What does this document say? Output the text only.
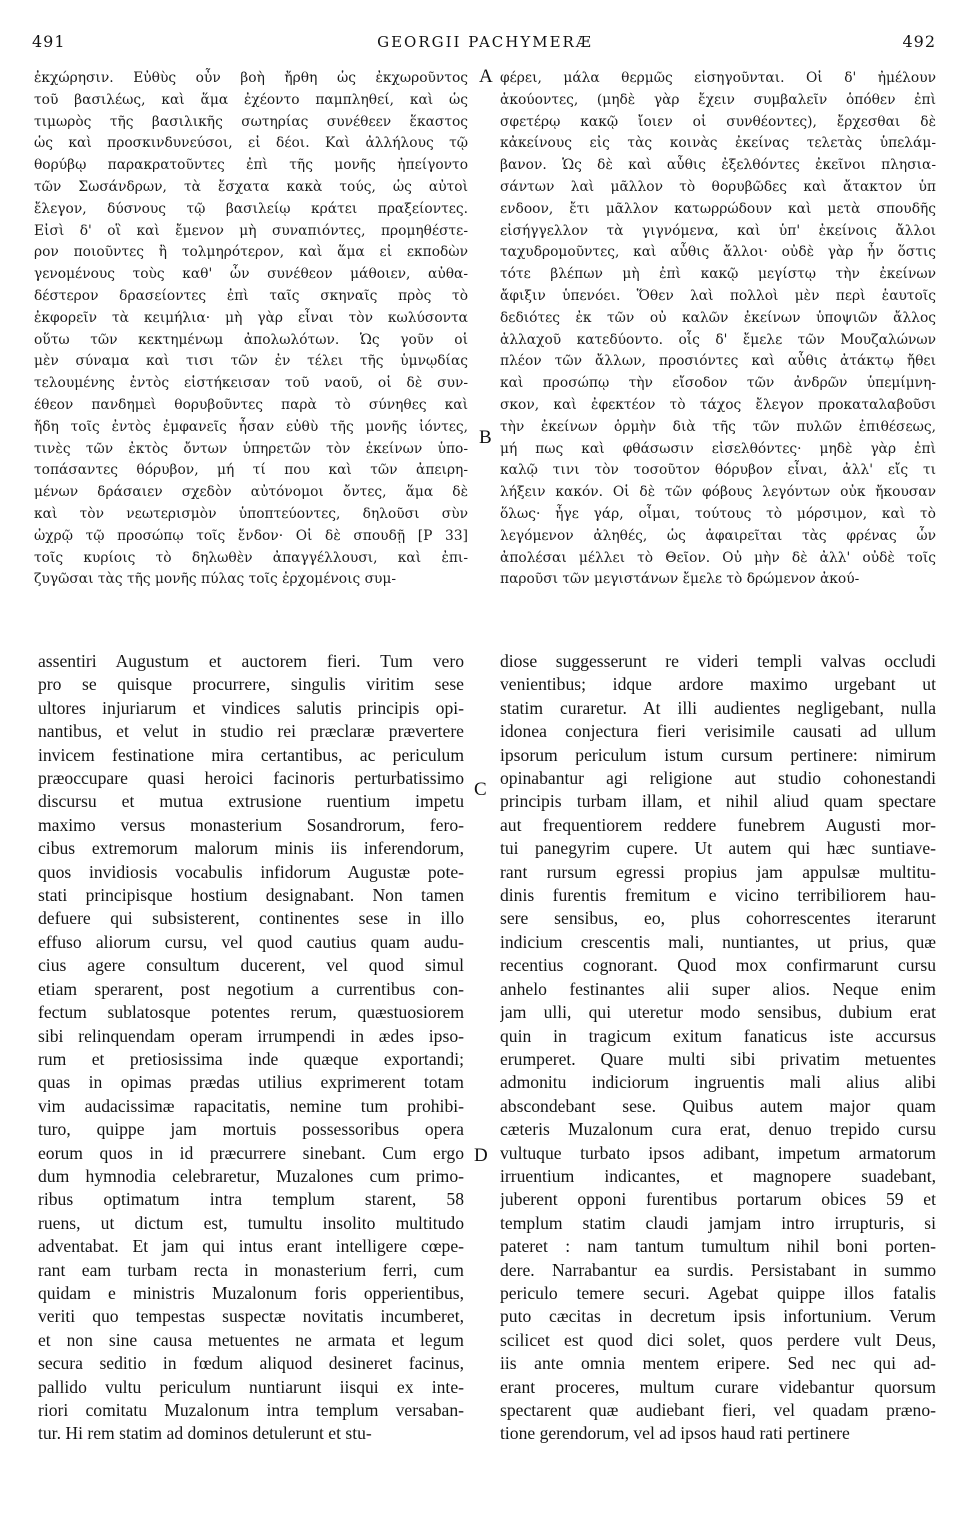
491	GEORGII PACHYMERÆ	492
ἐκχώρησιν. Εὐθὺς οὖν βοὴ ἤρθη ὡς ἐκχωροῦντος
τοῦ βασιλέως, καὶ ἅμα ἐχέοντο παμπληθεί, καὶ ὡς
τιμωρὸς τῆς βασιλικῆς σωτηρίας συνέθεεν ἕκαστος
ὡς καὶ προσκινδυνεύσοι, εἰ δέοι. Καὶ ἀλλήλους τῷ
θορύβῳ παρακρατοῦντες ἐπὶ τῆς μονῆς ἠπείγοντο
τῶν Σωσάνδρων, τὰ ἔσχατα κακὰ τούς, ὡς αὐτοὶ
ἔλεγον, δύσνους τῷ βασιλείῳ κράτει πραξείοντες.
Εἰσὶ δ' οἳ καὶ ἔμενον μὴ συναπιόντες, προμηθέστε-
ρον ποιοῦντες ἢ τολμηρότερον, καὶ ἅμα εἰ εκποδὼν
γενομένους τοὺς καθ' ὧν συνέθεον μάθοιεν, αὐθα-
δέστερον δρασείοντες ἐπὶ ταῖς σκηναῖς πρὸς τὸ
ἐκφορεῖν τὰ κειμήλια· μὴ γὰρ εἶναι τὸν κωλύσοντα
οὕτω τῶν κεκτημένωμ ἀπολωλότων. Ὡς γοῦν οἱ
μὲν σύναμα καὶ τισι τῶν ἐν τέλει τῆς ὑμνῳδίας
τελουμένης ἐντὸς εἱστήκεισαν τοῦ ναοῦ, οἱ δὲ συν-
έθεον πανδημεὶ θορυβοῦντες παρὰ τὸ σύνηθες καὶ
ἤδη τοῖς ἐντὸς ἐμφανεῖς ἦσαν εὐθὺ τῆς μονῆς ἰόντες,
τινὲς τῶν ἐκτὸς ὄντων ὑπηρετῶν τὸν ἐκείνων ὑπο-
τοπάσαντες θόρυβον, μή τί που καὶ τῶν ἀπειρη-
μένων δράσαιεν σχεδὸν αὐτόνομοι ὄντες, ἅμα δὲ
καὶ τὸν νεωτερισμὸν ὑποπτεύοντες, δηλοῦσι σὺν
ὠχρῷ τῷ προσώπῳ τοῖς ἔνδον· Οἱ δὲ σπουδῇ [P 33]
τοῖς κυρίοις τὸ δηλωθὲν ἀπαγγέλλουσι, καὶ ἐπι-
ζυγῶσαι τὰς τῆς μονῆς πύλας τοῖς ἐρχομένοις συμ-
φέρει, μάλα θερμῶς εἰσηγοῦνται. Οἱ δ' ἠμέλουν
ἀκούοντες, (μηδὲ γὰρ ἔχειν συμβαλεῖν ὁπόθεν ἐπὶ
σφετέρῳ κακῷ ἴοιεν οἱ συνθέοντες), ἔρχεσθαι δὲ
κἀκείνους εἰς τὰς κοινὰς ἐκείνας τελετὰς ὑπελάμ-
βανον. Ὡς δὲ καὶ αὖθις ἐξελθόντες ἐκεῖνοι πλησια-
σάντων λαὶ μᾶλλον τὸ θορυβῶδες καὶ ἄτακτον ὑπ
ενδοον, ἔτι μᾶλλον κατωρρώδουν καὶ μετὰ σπουδῆς
εἰσήγγελλον τὰ γιγνόμενα, καὶ ὑπ' ἐκείνοις ἄλλοι
ταχυδρομοῦντες, καὶ αὖθις ἄλλοι· οὐδὲ γὰρ ἦν ὅστις
τότε βλέπων μὴ ἐπὶ κακῷ μεγίστῳ τὴν ἐκείνων
ἄφιξιν ὑπενόει. Ὅθεν λαὶ πολλοὶ μὲν περὶ ἑαυτοῖς
δεδιότες ἐκ τῶν οὐ καλῶν ἐκείνων ὑποψιῶν ἄλλος
ἀλλαχοῦ κατεδύοντο. οἷς δ' ἔμελε τῶν Μουζαλώνων
πλέον τῶν ἄλλων, προσιόντες καὶ αὖθις ἀτάκτῳ ἤθει
καὶ προσώπῳ τὴν εἴσοδον τῶν ἀνδρῶν ὑπεμίμνη-
σκον, καὶ ἐφεκτέον τὸ τάχος ἔλεγον προκαταλαβοῦσι
τὴν ἐκείνων ὁρμὴν διὰ τῆς τῶν πυλῶν ἐπιθέσεως,
μή πως καὶ φθάσωσιν εἰσελθόντες· μηδὲ γὰρ ἐπὶ
καλῷ τινι τὸν τοσοῦτον θόρυβον εἶναι, ἀλλ' εἴς τι
λήξειν κακόν. Οἱ δὲ τῶν φόβους λεγόντων οὐκ ἤκουσαν
ὅλως· ἦγε γάρ, οἶμαι, τούτους τὸ μόρσιμον, καὶ τὸ
λεγόμενον ἀληθές, ὡς ἀφαιρεῖται τὰς φρένας ὧν
ἀπολέσαι μέλλει τὸ Θεῖον. Οὐ μὴν δὲ ἀλλ' οὐδὲ τοῖς
παροῦσι τῶν μεγιστάνων ἔμελε τὸ δρώμενον ἀκού-
A
B
assentiri Augustum et auctorem fieri. Tum vero
pro se quisque procurrere, singulis viritim sese
ultores injuriarum et vindices salutis principis opi-
nantibus, et velut in studio rei præclaræ prævertere
invicem festinatione mira certantibus, ac periculum
præoccupare quasi heroici facinoris perturbatissimo
discursu et mutua extrusione ruentium impetu
maximo versus monasterium Sosandrorum, fero-
cibus extremorum malorum minis iis inferendorum,
quos invidiosis vocabulis infidorum Augustæ pote-
stati principisque hostium designabant. Non tamen
defuere qui subsisterent, continentes sese in illo
effuso aliorum cursu, vel quod cautius quam audu-
cius agere consultum ducerent, vel quod simul
etiam sperarent, post negotium a currentibus con-
fectum sublatosque potentes rerum, quæstuosiorem
sibi relinquendam operam irrumpendi in ædes ipso-
rum et pretiosissima inde quæque exportandi;
quas in opimas prædas utilius exprimerent totam
vim audacissimæ rapacitatis, nemine tum prohibi-
turo, quippe jam mortuis possessoribus opera
eorum quos in id præcurrere sinebant. Cum ergo
dum hymnodia celebraretur, Muzalones cum primo-
ribus optimatum intra templum starent, 58
ruens, ut dictum est, tumultu insolito multitudo
adventabat. Et jam qui intus erant intelligere cœpe-
rant eam turbam recta in monasterium ferri, cum
quidam e ministris Muzalonum foris opperientibus,
veriti quo tempestas suspectæ novitatis incumberet,
et non sine causa metuentes ne armata et legum
secura seditio in fœdum aliquod desineret facinus,
pallido vultu periculum nuntiarunt iisqui ex inte-
riori comitatu Muzalonum intra templum versaban-
tur. Hi rem statim ad dominos detulerunt et stu-
diose suggesserunt re videri templi valvas occludi
venientibus; idque ardore maximo urgebant ut
statim curaretur. At illi audientes negligebant, nulla
idonea conjectura fieri verisimile causati ad ullum
ipsorum periculum istum cursum pertinere: nimirum
opinabantur agi religione aut studio cohonestandi
principis turbam illam, et nihil aliud quam spectare
aut frequentiorem reddere funebrem Augusti mor-
tui panegyrim cupere. Ut autem qui hæc suntiave-
rant rursum egressi propius jam appulsæ multitu-
dinis furentis fremitum e vicino terribiliorem hau-
sere sensibus, eo, plus cohorrescentes iterarunt
indicium crescentis mali, nuntiantes, ut prius, quæ
recentius cognorant. Quod mox confirmarunt cursu
anhelo festinantes alii super alios. Neque enim
jam ulli, qui uteretur modo sensibus, dubium erat
quin in tragicum exitum fanaticus iste accursus
erumperet. Quare multi sibi privatim metuentes
admonitu indiciorum ingruentis mali alius alibi
abscondebant sese. Quibus autem major quam
cæteris Muzalonum cura erat, denuo trepido cursu
vultuque turbato ipsos adibant, impetum armatorum
irruentium indicantes, et magnopere suadebant,
juberent opponi furentibus portarum obices 59 et
templum statim claudi jamjam intro irrupturis, si
pateret : nam tantum tumultum nihil boni porten-
dere. Narrabantur ea surdis. Persistabant in summo
periculo temere securi. Agebat quippe illos fatalis
puto cæcitas in decretum ipsis infortunium. Verum
scilicet est quod dici solet, quos perdere vult Deus,
iis ante omnia mentem eripere. Sed nec qui ad-
erant proceres, multum curare videbantur quorsum
spectarent quæ audiebant fieri, vel quadam præno-
tione gerendorum, vel ad ipsos haud rati pertinere
C
D
